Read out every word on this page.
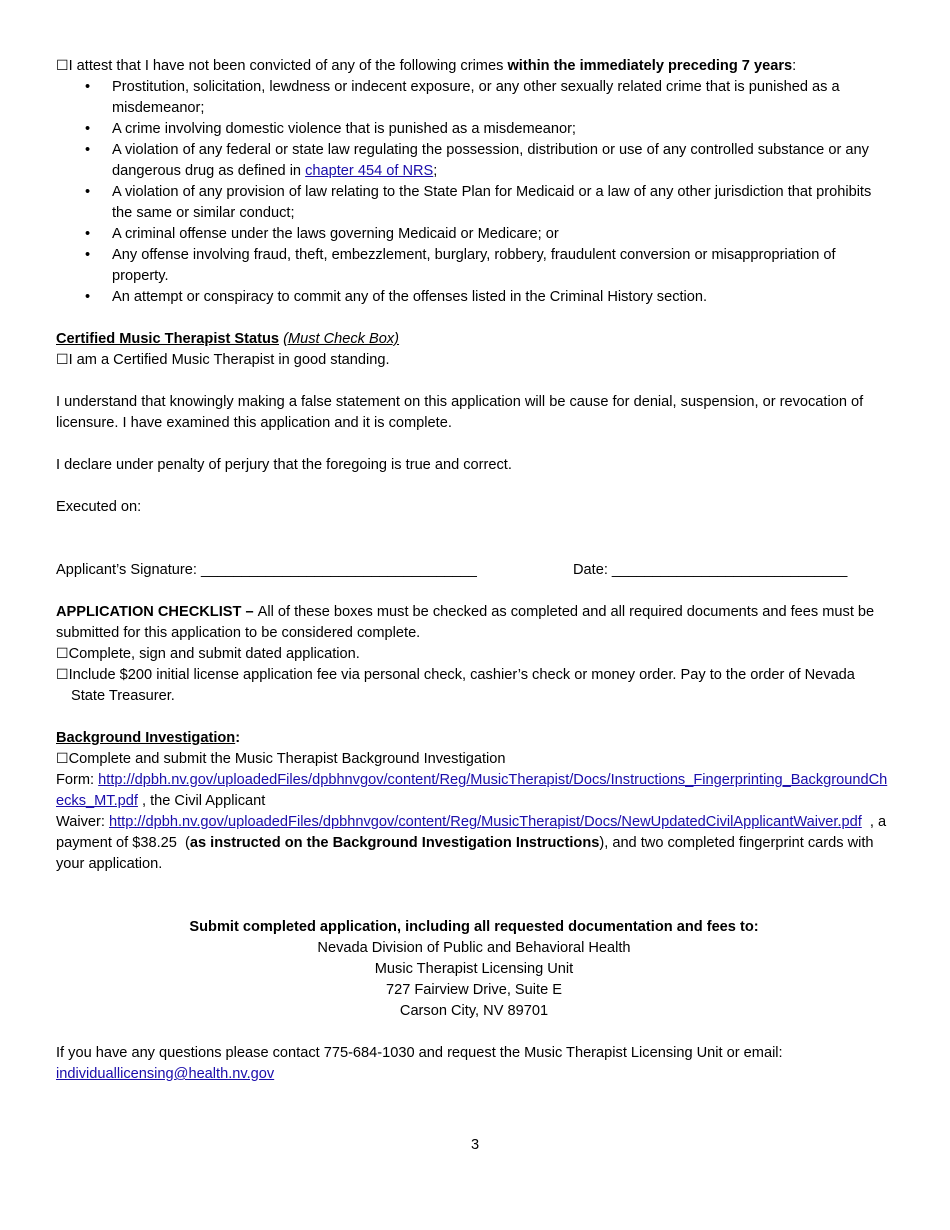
☐I attest that I have not been convicted of any of the following crimes within the immediately preceding 7 years:

• Prostitution, solicitation, lewdness or indecent exposure, or any other sexually related crime that is punished as a misdemeanor;
• A crime involving domestic violence that is punished as a misdemeanor;
• A violation of any federal or state law regulating the possession, distribution or use of any controlled substance or any dangerous drug as defined in chapter 454 of NRS;
• A violation of any provision of law relating to the State Plan for Medicaid or a law of any other jurisdiction that prohibits the same or similar conduct;
• A criminal offense under the laws governing Medicaid or Medicare; or
• Any offense involving fraud, theft, embezzlement, burglary, robbery, fraudulent conversion or misappropriation of property.
• An attempt or conspiracy to commit any of the offenses listed in the Criminal History section.

Certified Music Therapist Status (Must Check Box)

☐I am a Certified Music Therapist in good standing.

I understand that knowingly making a false statement on this application will be cause for denial, suspension, or revocation of licensure. I have examined this application and it is complete.

I declare under penalty of perjury that the foregoing is true and correct.

Executed on:

Applicant’s Signature: __________________________________	Date: _____________________________

APPLICATION CHECKLIST – All of these boxes must be checked as completed and all required documents and fees must be submitted for this application to be considered complete.

☐Complete, sign and submit dated application.

☐Include $200 initial license application fee via personal check, cashier’s check or money order. Pay to the order of Nevada State Treasurer.

Background Investigation:

☐Complete and submit the Music Therapist Background Investigation

Form: http://dpbh.nv.gov/uploadedFiles/dpbhnvgov/content/Reg/MusicTherapist/Docs/Instructions_Fingerprinting_BackgroundChecks_MT.pdf , the Civil Applicant

Waiver: http://dpbh.nv.gov/uploadedFiles/dpbhnvgov/content/Reg/MusicTherapist/Docs/NewUpdatedCivilApplicantWaiver.pdf  , a payment of $38.25  (as instructed on the Background Investigation Instructions), and two completed fingerprint cards with your application.

Submit completed application, including all requested documentation and fees to:

Nevada Division of Public and Behavioral Health

Music Therapist Licensing Unit

727 Fairview Drive, Suite E

Carson City, NV 89701

If you have any questions please contact 775-684-1030 and request the Music Therapist Licensing Unit or email: individuallicensing@health.nv.gov

3
